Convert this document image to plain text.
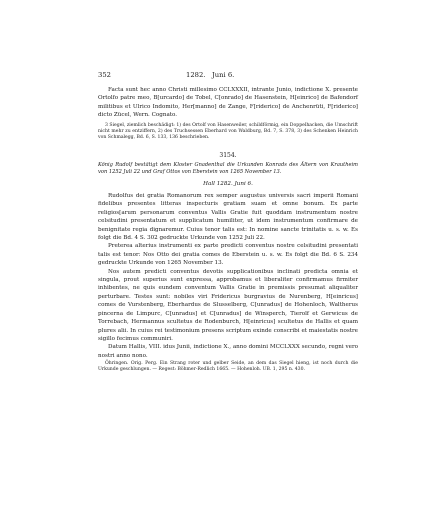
352	1282. Juni 6.

Facta sunt hec anno Christi millesimo CCLXXXII, intrante Junio, indictione X. presente Ortolfo patre meo, B[urcardo] de Tobel, C[onrado] de Hasenstein, H[einrico] de Bafendorf militibus et Ulrico Indomito, Her[manno] de Zange, F[riderico] de Anchenrüti, F[riderico] dicto Zücel, Wern. Cognato.

3 Siegel, ziemlich beschädigt: 1) des Ortolf von Hasenweiler, schildförmig, ein Doppelhacken, die Umschrift nicht mehr zu entziffern, 2) des Truchsessen Eberhard von Waldburg, Bd. 7, S. 378, 3) des Schenken Heinrich von Schmalegg, Bd. 6, S. 133, 136 beschrieben.

3154.

König Rudolf bestätigt dem Kloster Gnadenthal die Urkunden Konrads des Ältern von Krautheim von 1252 Juli 22 und Graf Ottos von Eberstein von 1265 November 13.

Hall 1282. Juni 6.

Rudolfus dei gratia Romanorum rex semper augustus universis sacri imperii Romani fidelibus presentes litteras inspecturis gratiam suam et omne bonum. Ex parte religios[arum personarum conventus Vallis Gratie fuit quoddam instrumentum nostre celsitudini presentatum et supplicatum humiliter, ut idem instrumentum confirmare de benignitate regia dignaremur. Cuius tenor talis est: In nomine sancte trinitatis u. s. w. Es folgt die Bd. 4 S. 302 gedruckte Urkunde von 1252 Juli 22.

Preterea alterius instrumenti ex parte predicti conventus nostre celsitudini presentati talis est tenor: Nos Otto dei gratia comes de Eberstein u. s. w. Es folgt die Bd. 6 S. 234 gedruckte Urkunde von 1265 November 13.

Nos autem predicti conventus devotis supplicationibus inclinati predicta omnia et singula, prout superius sunt expressa, approbamus et liberaliter confirmamus firmiter inhibentes, ne quis eundem conventum Vallis Gratie in premissis presumat aliqualiter perturbare. Testes sunt: nobiles viri Fridericus burgravius de Nurenberg, H[einricus] comes de Vurstenberg, Eberhardus de Slusselberg, C[unradus] de Hohenloch, Waltherus pincerna de Limpurc, C[unradus] et C[unradus] de Winsperch, Tierolf et Gerwicus de Torrebach, Hermannus scultetus de Rodenburch, H[einricus] scultetus de Hallis et quam plures alii. In cuius rei testimonium presens scriptum exinde conscribi et maiestatis nostre sigillo fecimus communiri.

Datum Hallis, VIII. idus Junii, indictione X., anno domini MCCLXXX secundo, regni vero nostri anno nono.

Öhringen. Orig. Perg. Ein Strang roter und gelber Seide, an dem das Siegel hieng, ist noch durch die Urkunde geschlungen. — Regest: Böhmer-Redlich 1665. — Hohenloh. UB. 1, 295 n. 430.
